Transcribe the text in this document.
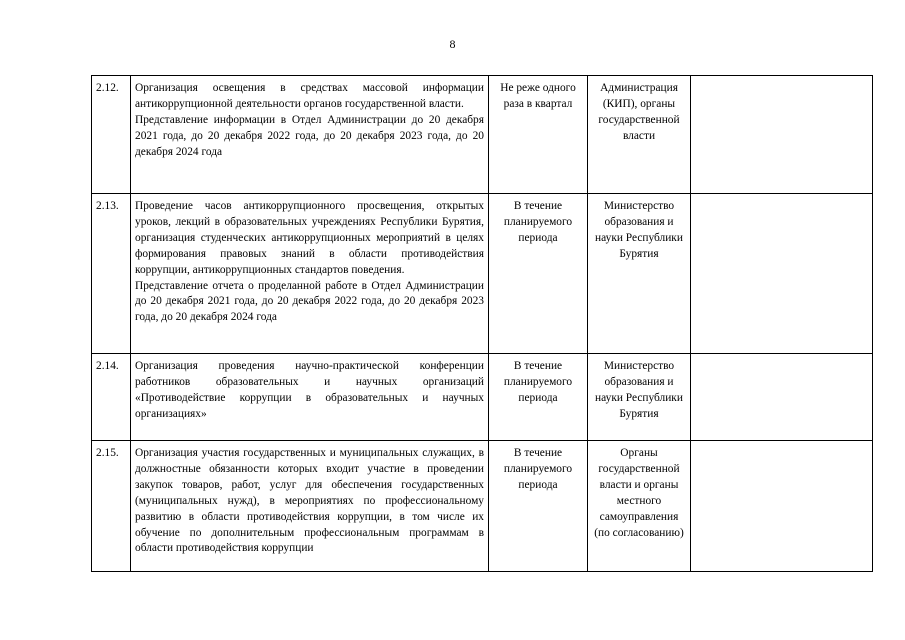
8
2.12.	Организация освещения в средствах массовой информации антикоррупционной деятельности органов государственной власти.
Представление информации в Отдел Администрации до 20 декабря 2021 года, до 20 декабря 2022 года, до 20 декабря 2023 года, до 20 декабря 2024 года	Не реже одного раза в квартал	Администрация (КИП), органы государственной власти	
2.13.	Проведение часов антикоррупционного просвещения, открытых уроков, лекций в образовательных учреждениях Республики Бурятия, организация студенческих антикоррупционных мероприятий в целях формирования правовых знаний в области противодействия коррупции, антикоррупционных стандартов поведения.
Представление отчета о проделанной работе в Отдел Администрации до 20 декабря 2021 года, до 20 декабря 2022 года, до 20 декабря 2023 года, до 20 декабря 2024 года	В течение планируемого периода	Министерство образования и науки Республики Бурятия	
2.14.	Организация проведения научно-практической конференции работников образовательных и научных организаций «Противодействие коррупции в образовательных и научных организациях»	В течение планируемого периода	Министерство образования и науки Республики Бурятия	
2.15.	Организация участия государственных и муниципальных служащих, в должностные обязанности которых входит участие в проведении закупок товаров, работ, услуг для обеспечения государственных (муниципальных нужд), в мероприятиях по профессиональному развитию в области противодействия коррупции, в том числе их обучение по дополнительным профессиональным программам в области противодействия коррупции	В течение планируемого периода	Органы государственной власти и органы местного самоуправления (по согласованию)	
